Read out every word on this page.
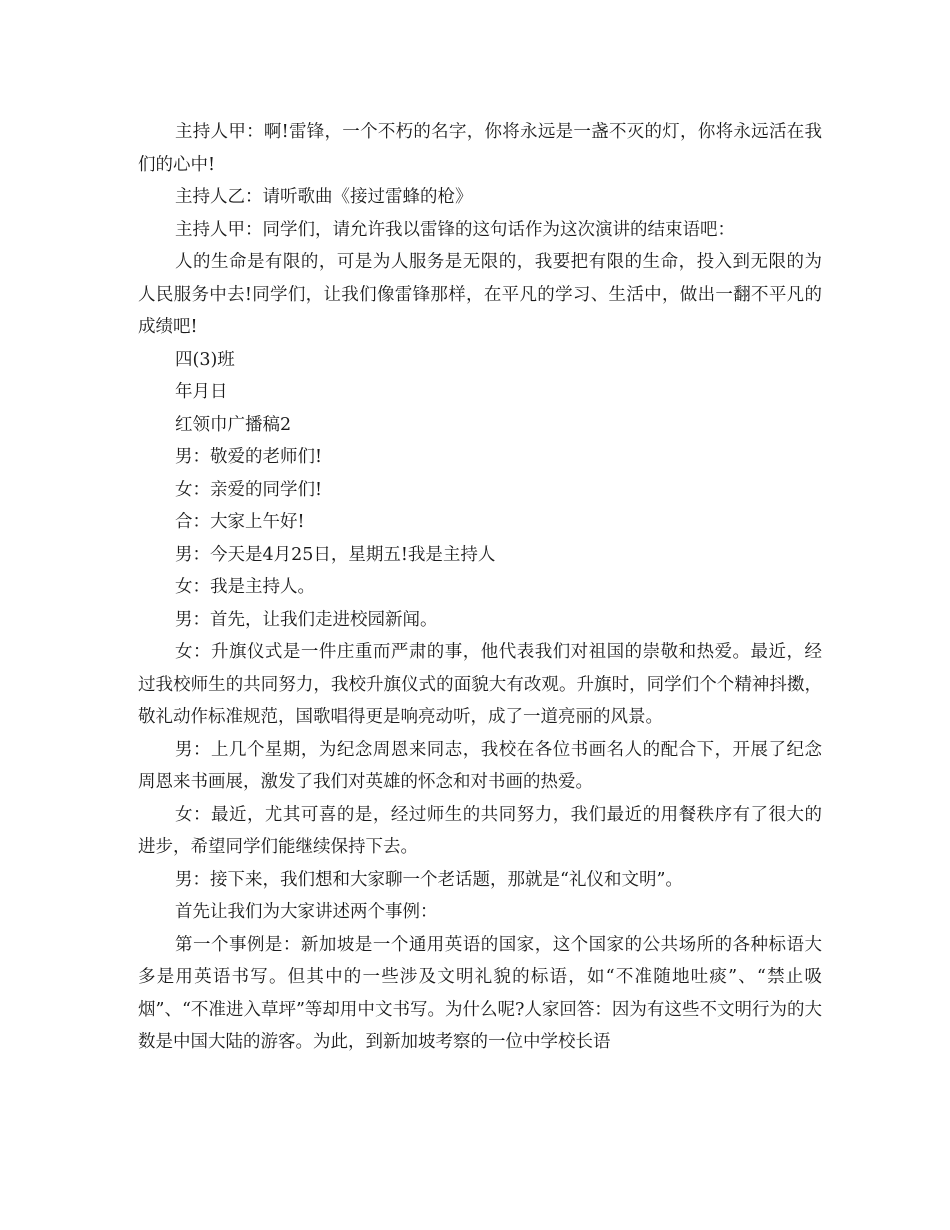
主持人甲：啊!雷锋，一个不朽的名字，你将永远是一盏不灭的灯，你将永远活在我们的心中!

主持人乙：请听歌曲《接过雷蜂的枪》

主持人甲：同学们，请允许我以雷锋的这句话作为这次演讲的结束语吧：

人的生命是有限的，可是为人服务是无限的，我要把有限的生命，投入到无限的为人民服务中去!同学们，让我们像雷锋那样，在平凡的学习、生活中，做出一翻不平凡的成绩吧!

四(3)班

年月日

红领巾广播稿2

男：敬爱的老师们!

女：亲爱的同学们!

合：大家上午好!

男：今天是4月25日，星期五!我是主持人

女：我是主持人。

男：首先，让我们走进校园新闻。

女：升旗仪式是一件庄重而严肃的事，他代表我们对祖国的崇敬和热爱。最近，经过我校师生的共同努力，我校升旗仪式的面貌大有改观。升旗时，同学们个个精神抖擞，敬礼动作标准规范，国歌唱得更是响亮动听，成了一道亮丽的风景。

男：上几个星期，为纪念周恩来同志，我校在各位书画名人的配合下，开展了纪念周恩来书画展，激发了我们对英雄的怀念和对书画的热爱。

女：最近，尤其可喜的是，经过师生的共同努力，我们最近的用餐秩序有了很大的进步，希望同学们能继续保持下去。

男：接下来，我们想和大家聊一个老话题，那就是“礼仪和文明”。

首先让我们为大家讲述两个事例：

第一个事例是：新加坡是一个通用英语的国家，这个国家的公共场所的各种标语大多是用英语书写。但其中的一些涉及文明礼貌的标语，如“不准随地吐痰”、“禁止吸烟”、“不准进入草坪”等却用中文书写。为什么呢?人家回答：因为有这些不文明行为的大数是中国大陆的游客。为此，到新加坡考察的一位中学校长语
